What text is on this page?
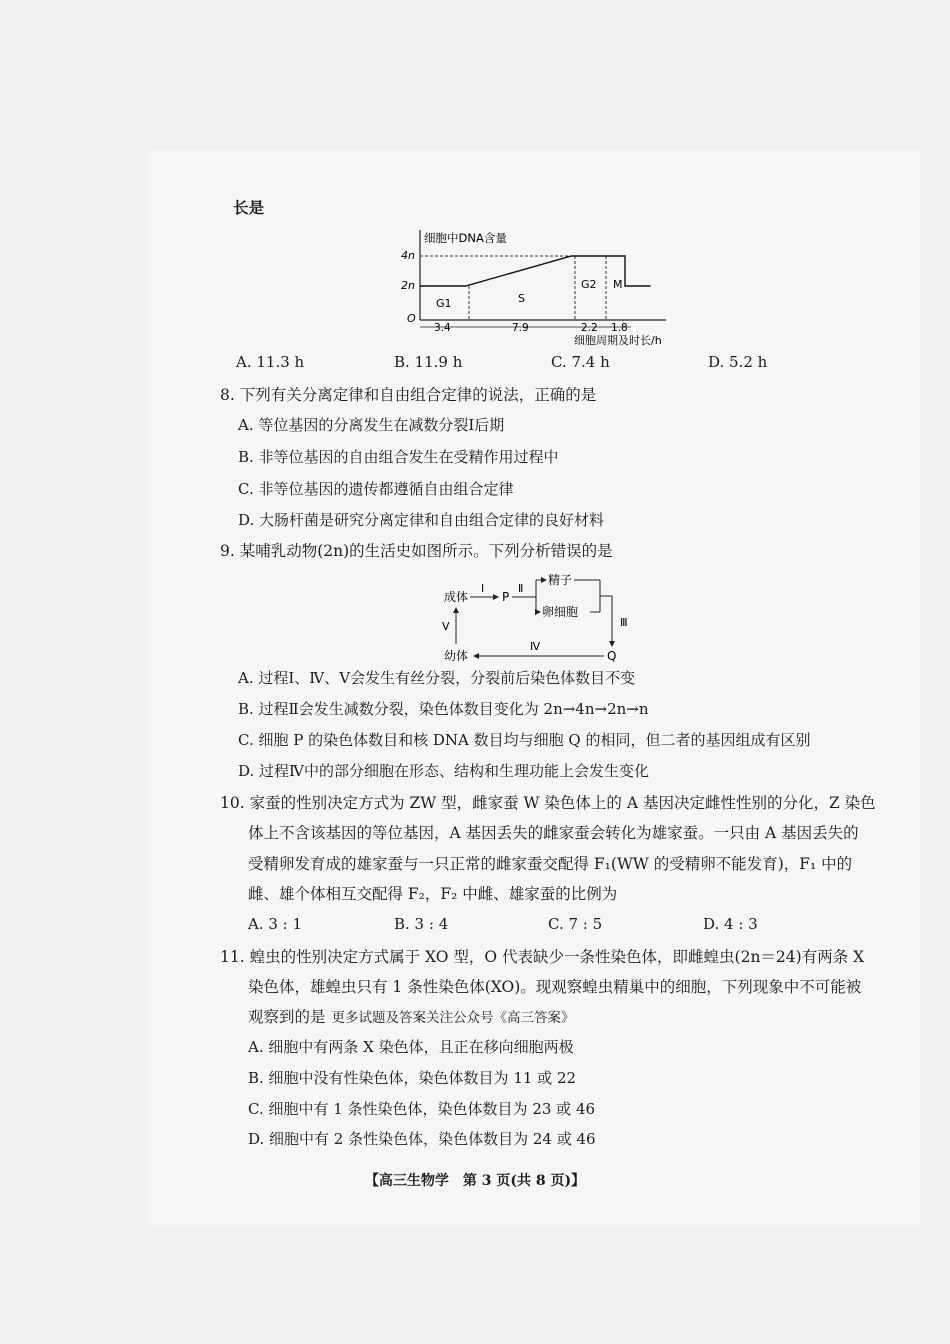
长是
细胞中DNA含量
4n
2n
O
G1	S
G2 M
3.4	7.9	2.2 1.8
细胞周期及时长/h
A. 11.3 h	B. 11.9 h	C. 7.4 h	D. 5.2 h
8. 下列有关分离定律和自由组合定律的说法，正确的是
A. 等位基因的分离发生在减数分裂Ⅰ后期
B. 非等位基因的自由组合发生在受精作用过程中
C. 非等位基因的遗传都遵循自由组合定律
D. 大肠杆菌是研究分离定律和自由组合定律的良好材料
9. 某哺乳动物(2n)的生活史如图所示。下列分析错误的是
成体	P
精子
卵细胞
幼体	Q
Ⅰ	Ⅱ
Ⅲ
Ⅳ
Ⅴ
A. 过程Ⅰ、Ⅳ、Ⅴ会发生有丝分裂，分裂前后染色体数目不变
B. 过程Ⅱ会发生减数分裂，染色体数目变化为 2n→4n→2n→n
C. 细胞 P 的染色体数目和核 DNA 数目均与细胞 Q 的相同，但二者的基因组成有区别
D. 过程Ⅳ中的部分细胞在形态、结构和生理功能上会发生变化
10. 家蚕的性别决定方式为 ZW 型，雌家蚕 W 染色体上的 A 基因决定雌性性别的分化，Z 染色
体上不含该基因的等位基因，A 基因丢失的雌家蚕会转化为雄家蚕。一只由 A 基因丢失的
受精卵发育成的雄家蚕与一只正常的雌家蚕交配得 F₁(WW 的受精卵不能发育)，F₁ 中的
雌、雄个体相互交配得 F₂，F₂ 中雌、雄家蚕的比例为
A. 3 : 1	B. 3 : 4	C. 7 : 5	D. 4 : 3
11. 蝗虫的性别决定方式属于 XO 型，O 代表缺少一条性染色体，即雌蝗虫(2n＝24)有两条 X
染色体，雄蝗虫只有 1 条性染色体(XO)。现观察蝗虫精巢中的细胞，下列现象中不可能被
观察到的是 更多试题及答案关注公众号《高三答案》
A. 细胞中有两条 X 染色体，且正在移向细胞两极
B. 细胞中没有性染色体，染色体数目为 11 或 22
C. 细胞中有 1 条性染色体，染色体数目为 23 或 46
D. 细胞中有 2 条性染色体，染色体数目为 24 或 46
【高三生物学　第 3 页(共 8 页)】
